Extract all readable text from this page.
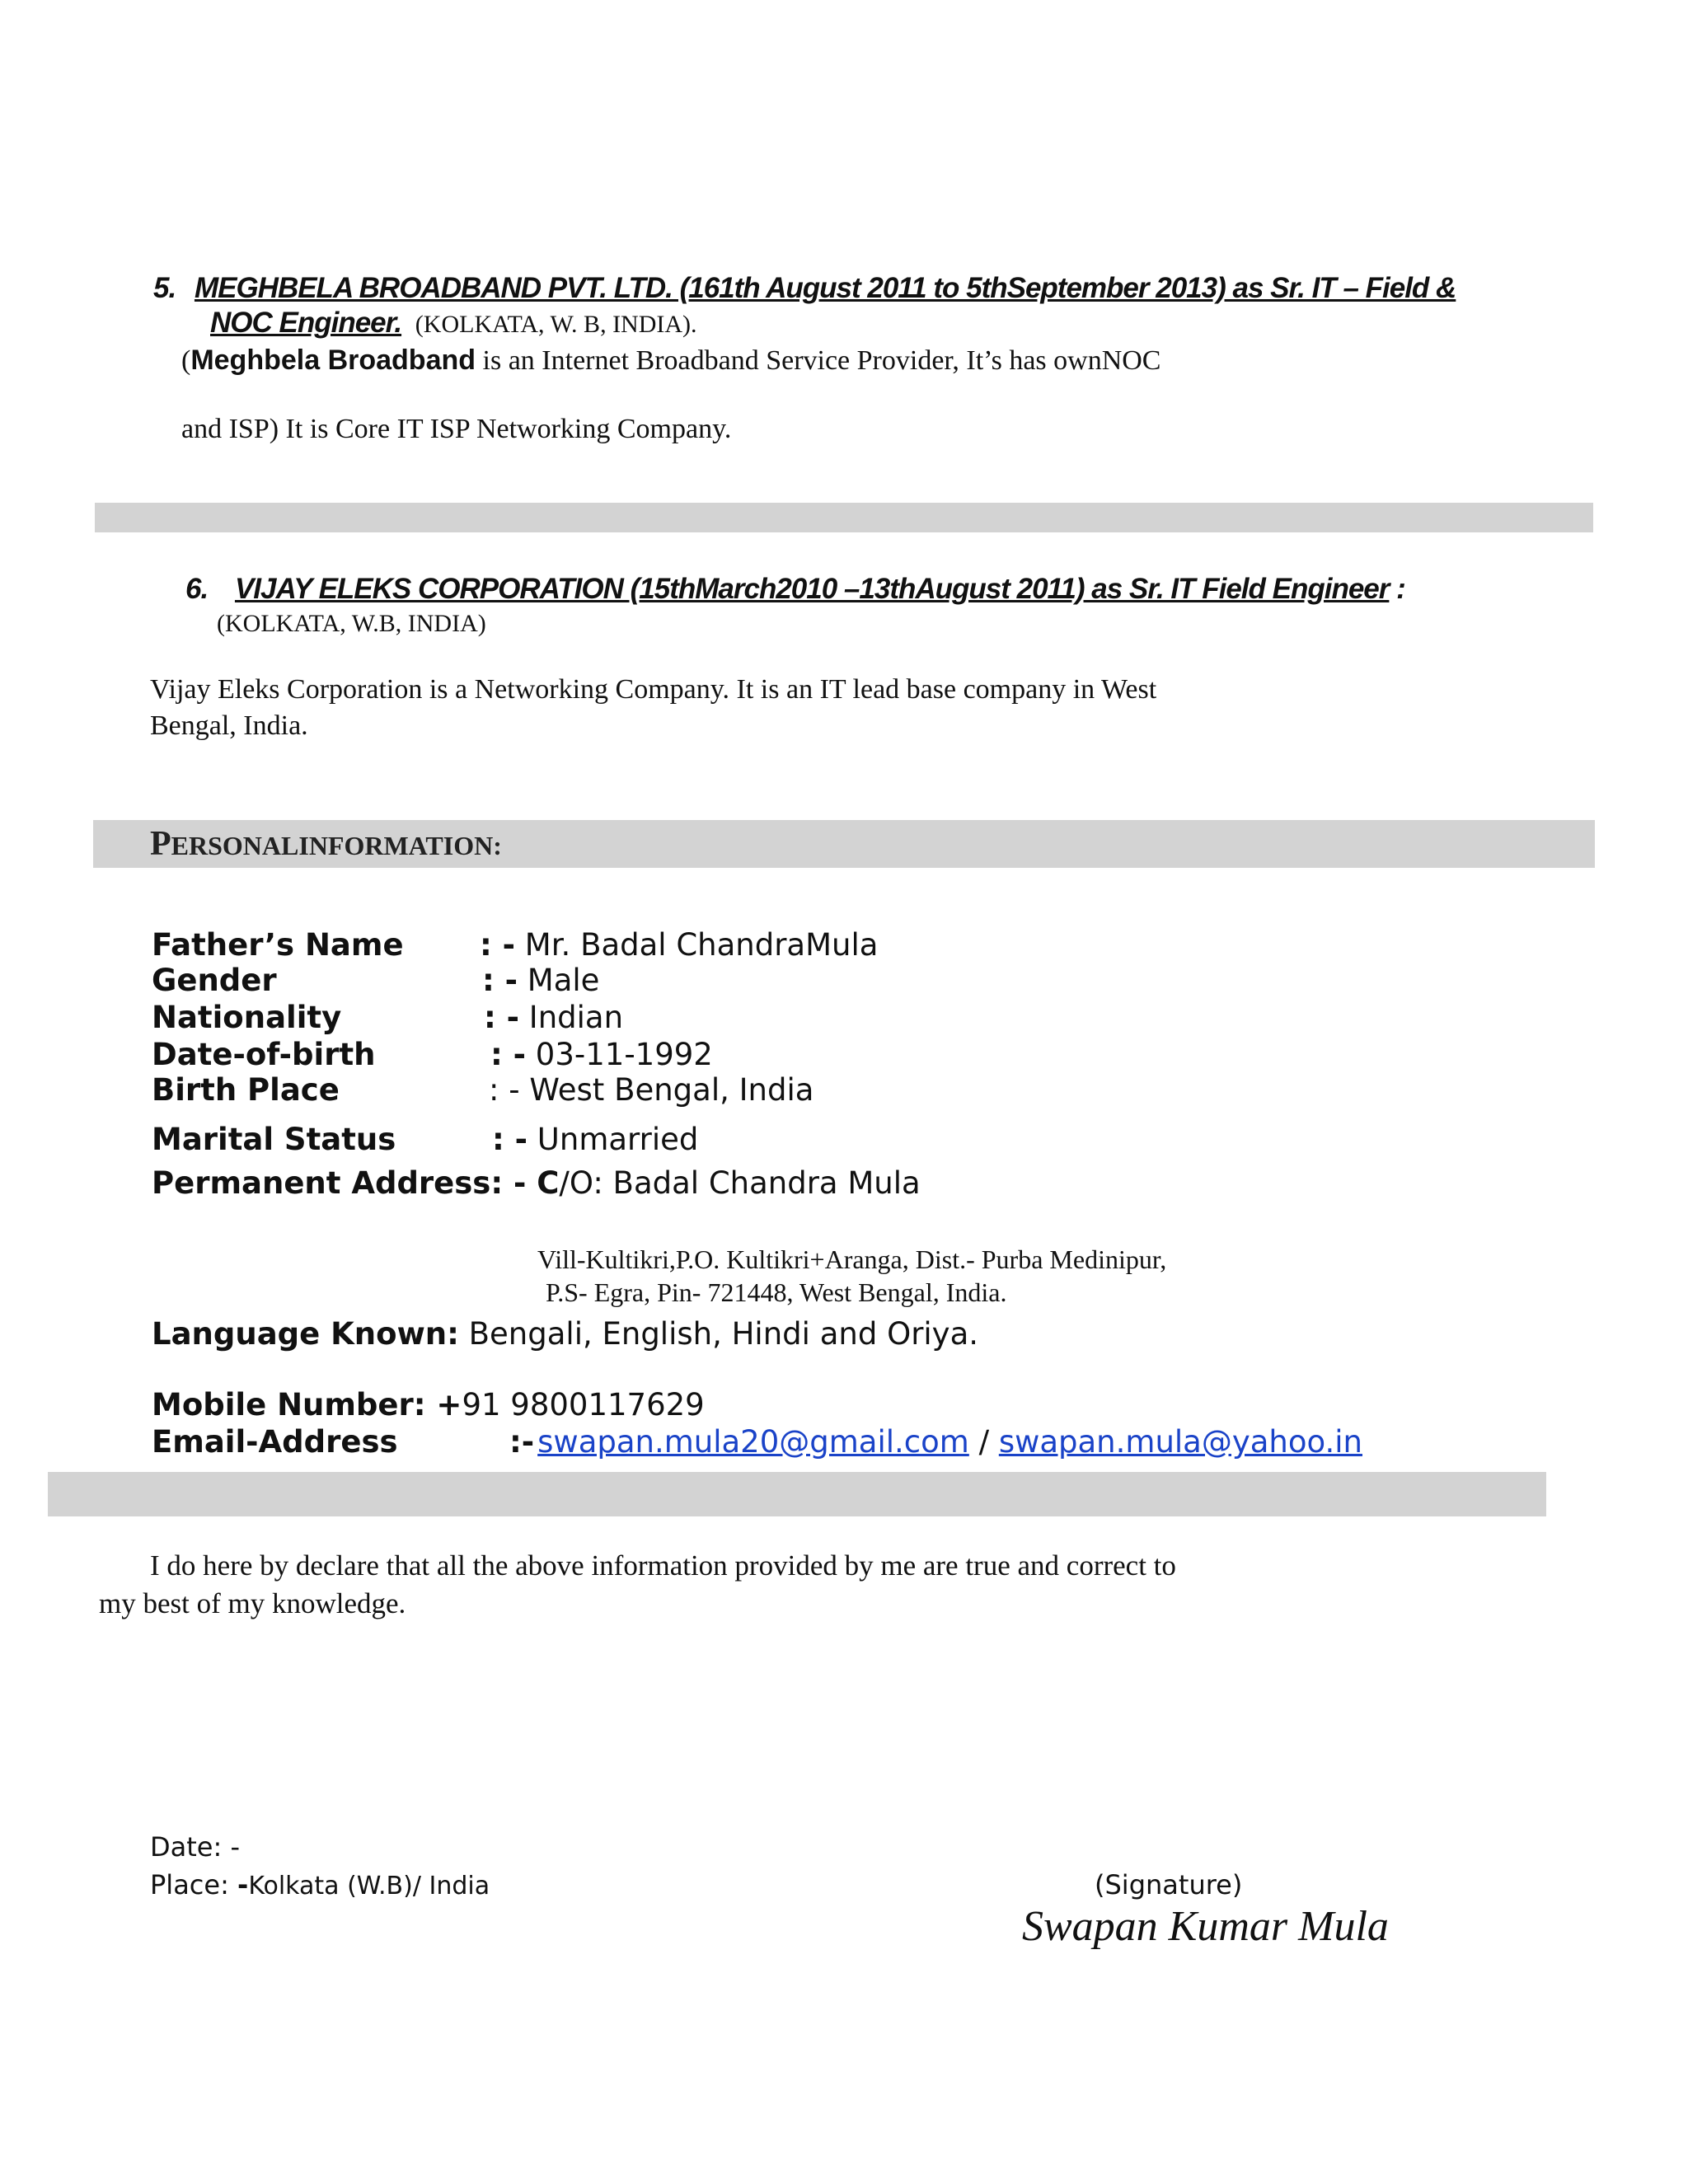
5. MEGHBELA BROADBAND PVT. LTD. (161th August 2011 to 5thSeptember 2013) as Sr. IT – Field &
NOC Engineer. (KOLKATA, W. B, INDIA).
(Meghbela Broadband is an Internet Broadband Service Provider, It’s has ownNOC
and ISP) It is Core IT ISP Networking Company.
6. VIJAY ELEKS CORPORATION (15thMarch2010 –13thAugust 2011) as Sr. IT Field Engineer :
(KOLKATA, W.B, INDIA)
Vijay Eleks Corporation is a Networking Company. It is an IT lead base company in West
Bengal, India.
PERSONALINFORMATION:
Father’s Name : - Mr. Badal ChandraMula
Gender	: - Male
Nationality	: - Indian
Date-of-birth	: - 03-11-1992
Birth Place	: - West Bengal, India
Marital Status	: - Unmarried
Permanent Address: - C/O: Badal Chandra Mula
Vill-Kultikri,P.O. Kultikri+Aranga, Dist.- Purba Medinipur,
P.S- Egra, Pin- 721448, West Bengal, India.
Language Known: Bengali, English, Hindi and Oriya.
Mobile Number: +91 9800117629
Email-Address	:- swapan.mula20@gmail.com / swapan.mula@yahoo.in
I do here by declare that all the above information provided by me are true and correct to
my best of my knowledge.
Date: -
Place: -Kolkata (W.B)/ India	(Signature)
Swapan Kumar Mula
